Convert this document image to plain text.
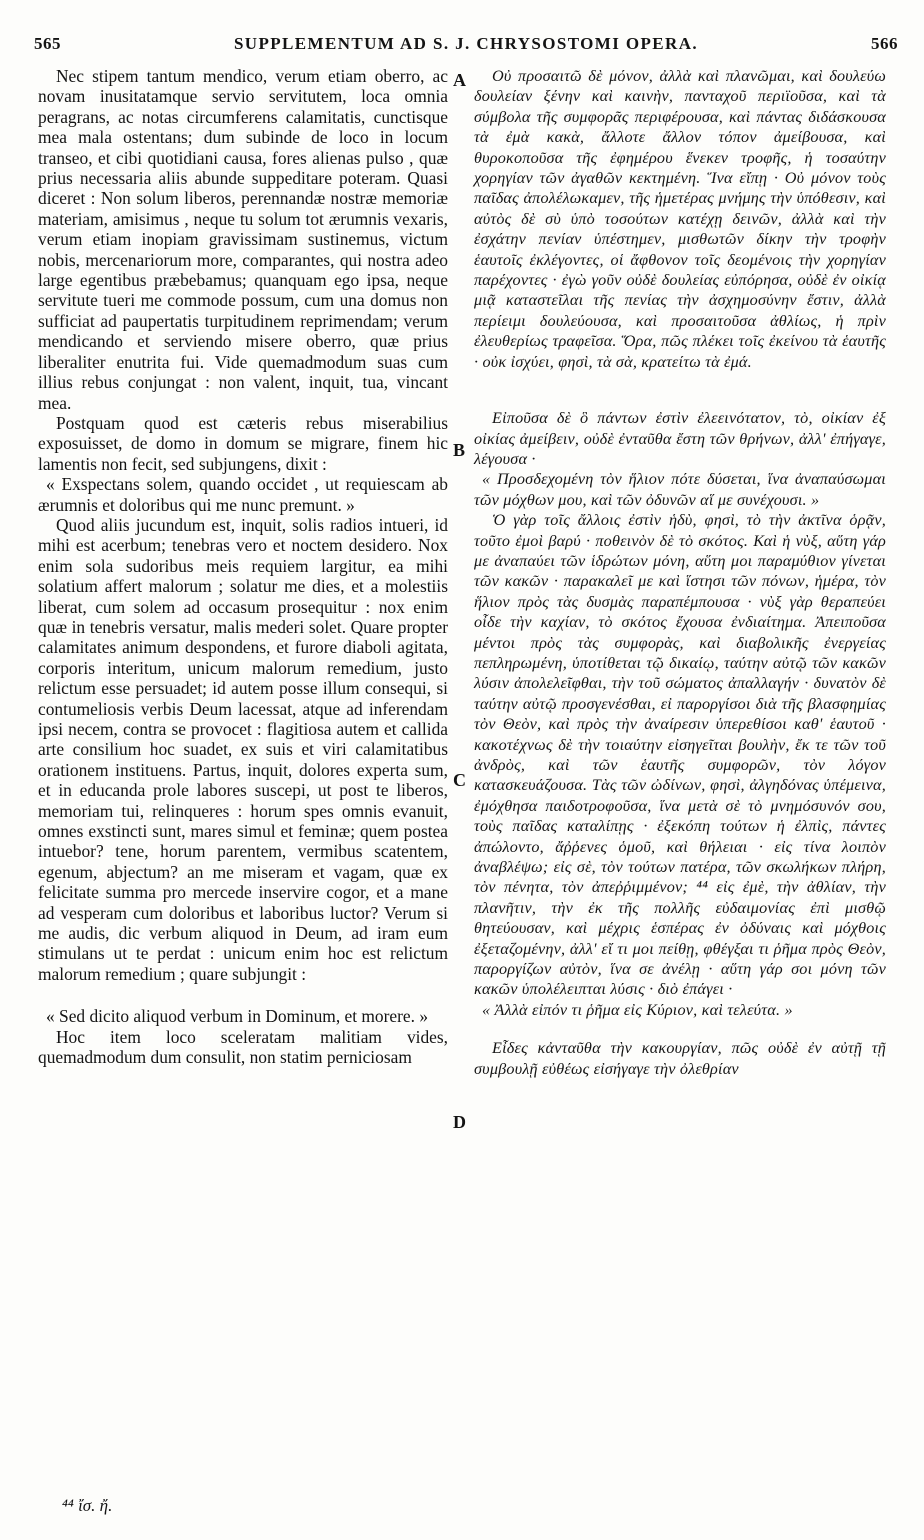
565	SUPPLEMENTUM AD S. J. CHRYSOSTOMI OPERA.	566

Nec stipem tantum mendico, verum etiam oberro, ac novam inusitatamque servio servitutem, loca omnia peragrans, ac notas circumferens calamitatis, cunctisque mea mala ostentans; dum subinde de loco in locum transeo, et cibi quotidiani causa, fores alienas pulso , quæ prius necessaria aliis abunde suppeditare poteram. Quasi diceret : Non solum liberos, perennandæ nostræ memoriæ materiam, amisimus , neque tu solum tot ærumnis vexaris, verum etiam inopiam gravissimam sustinemus, victum nobis, mercenariorum more, comparantes, qui nostra adeo large egentibus præbebamus; quanquam ego ipsa, neque servitute tueri me commode possum, cum una domus non sufficiat ad paupertatis turpitudinem reprimendam; verum mendicando et serviendo misere oberro, quæ prius liberaliter enutrita fui. Vide quemadmodum suas cum illius rebus conjungat : non valent, inquit, tua, vincant mea.

Postquam quod est cæteris rebus miserabilius exposuisset, de domo in domum se migrare, finem hic lamentis non fecit, sed subjungens, dixit :

« Exspectans solem, quando occidet , ut requiescam ab ærumnis et doloribus qui me nunc premunt. »

Quod aliis jucundum est, inquit, solis radios intueri, id mihi est acerbum; tenebras vero et noctem desidero. Nox enim sola sudoribus meis requiem largitur, ea mihi solatium affert malorum ; solatur me dies, et a molestiis liberat, cum solem ad occasum prosequitur : nox enim quæ in tenebris versatur, malis mederi solet. Quare propter calamitates animum despondens, et furore diaboli agitata, corporis interitum, unicum malorum remedium, justo relictum esse persuadet; id autem posse illum consequi, si contumeliosis verbis Deum lacessat, atque ad inferendam ipsi necem, contra se provocet : flagitiosa autem et callida arte consilium hoc suadet, ex suis et viri calamitatibus orationem instituens. Partus, inquit, dolores experta sum, et in educanda prole labores suscepi, ut post te liberos, memoriam tui, relinqueres : horum spes omnis evanuit, omnes exstincti sunt, mares simul et feminæ; quem postea intuebor? tene, horum parentem, vermibus scatentem, egenum, abjectum? an me miseram et vagam, quæ ex felicitate summa pro mercede inservire cogor, et a mane ad vesperam cum doloribus et laboribus luctor? Verum si me audis, dic verbum aliquod in Deum, ad iram eum stimulans ut te perdat : unicum enim hoc est relictum malorum remedium ; quare subjungit :

« Sed dicito aliquod verbum in Dominum, et morere. »

Hoc item loco sceleratam malitiam vides, quemadmodum dum consulit, non statim perniciosam

Οὐ προσαιτῶ δὲ μόνον, ἀλλὰ καὶ πλανῶμαι, καὶ δουλεύω δουλείαν ξένην καὶ καινὴν, πανταχοῦ περιϊοῦσα, καὶ τὰ σύμβολα τῆς συμφορᾶς περιφέρουσα, καὶ πάντας διδάσκουσα τὰ ἐμὰ κακὰ, ἄλλοτε ἄλλον τόπον ἀμείβουσα, καὶ θυροκοποῦσα τῆς ἐφημέρου ἕνεκεν τροφῆς, ἡ τοσαύτην χορηγίαν τῶν ἀγαθῶν κεκτημένη. Ἵνα εἴπῃ · Οὐ μόνον τοὺς παῖδας ἀπολέλωκαμεν, τῆς ἡμετέρας μνήμης τὴν ὑπόθεσιν, καὶ αὐτὸς δὲ σὺ ὑπὸ τοσούτων κατέχῃ δεινῶν, ἀλλὰ καὶ τὴν ἐσχάτην πενίαν ὑπέστημεν, μισθωτῶν δίκην τὴν τροφὴν ἑαυτοῖς ἐκλέγοντες, οἱ ἄφθονον τοῖς δεομένοις τὴν χορηγίαν παρέχοντες · ἐγὼ γοῦν οὐδὲ δουλείας εὐπόρησα, οὐδὲ ἐν οἰκίᾳ μιᾷ καταστεῖλαι τῆς πενίας τὴν ἀσχημοσύνην ἔστιν, ἀλλὰ περίειμι δουλεύουσα, καὶ προσαιτοῦσα ἀθλίως, ἡ πρὶν ἐλευθερίως τραφεῖσα. Ὅρα, πῶς πλέκει τοῖς ἐκείνου τὰ ἑαυτῆς · οὐκ ἰσχύει, φησὶ, τὰ σὰ, κρατείτω τὰ ἐμά.

Εἰποῦσα δὲ ὃ πάντων ἐστὶν ἐλεεινότατον, τὸ, οἰκίαν ἐξ οἰκίας ἀμείβειν, οὐδὲ ἐνταῦθα ἔστη τῶν θρήνων, ἀλλ' ἐπήγαγε, λέγουσα ·

« Προσδεχομένη τὸν ἥλιον πότε δύσεται, ἵνα ἀναπαύσωμαι τῶν μόχθων μου, καὶ τῶν ὀδυνῶν αἵ με συνέχουσι. »

Ὁ γὰρ τοῖς ἄλλοις ἐστὶν ἡδὺ, φησὶ, τὸ τὴν ἀκτῖνα ὁρᾷν, τοῦτο ἐμοὶ βαρύ · ποθεινὸν δὲ τὸ σκότος. Καὶ ἡ νὺξ, αὕτη γάρ με ἀναπαύει τῶν ἱδρώτων μόνη, αὕτη μοι παραμύθιον γίνεται τῶν κακῶν · παρακαλεῖ με καὶ ἵστησι τῶν πόνων, ἡμέρα, τὸν ἥλιον πρὸς τὰς δυσμὰς παραπέμπουσα · νὺξ γὰρ θεραπεύει οἶδε τὴν καχίαν, τὸ σκότος ἔχουσα ἐνδιαίτημα. Ἀπειποῦσα μέντοι πρὸς τὰς συμφορὰς, καὶ διαβολικῆς ἐνεργείας πεπληρωμένη, ὑποτίθεται τῷ δικαίῳ, ταύτην αὐτῷ τῶν κακῶν λύσιν ἀπολελεῖφθαι, τὴν τοῦ σώματος ἀπαλλαγήν · δυνατὸν δὲ ταύτην αὐτῷ προσγενέσθαι, εἰ παροργίσοι διὰ τῆς βλασφημίας τὸν Θεὸν, καὶ πρὸς τὴν ἀναίρεσιν ὑπερεθίσοι καθ' ἑαυτοῦ · κακοτέχνως δὲ τὴν τοιαύτην εἰσηγεῖται βουλὴν, ἔκ τε τῶν τοῦ ἀνδρὸς, καὶ τῶν ἑαυτῆς συμφορῶν, τὸν λόγον κατασκευάζουσα. Τὰς τῶν ὠδίνων, φησὶ, ἀλγηδόνας ὑπέμεινα, ἐμόχθησα παιδοτροφοῦσα, ἵνα μετὰ σὲ τὸ μνημόσυνόν σου, τοὺς παῖδας καταλίπῃς · ἐξεκόπη τούτων ἡ ἐλπὶς, πάντες ἀπώλοντο, ἄῤῥενες ὁμοῦ, καὶ θήλειαι · εἰς τίνα λοιπὸν ἀναβλέψω; εἰς σὲ, τὸν τούτων πατέρα, τῶν σκωλήκων πλήρη, τὸν πένητα, τὸν ἀπεῤῥιμμένον; ⁴⁴ εἰς ἐμὲ, τὴν ἀθλίαν, τὴν πλανῆτιν, τὴν ἐκ τῆς πολλῆς εὐδαιμονίας ἐπὶ μισθῷ θητεύουσαν, καὶ μέχρις ἑσπέρας ἐν ὀδύναις καὶ μόχθοις ἐξεταζομένην, ἀλλ' εἴ τι μοι πείθῃ, φθέγξαι τι ῥῆμα πρὸς Θεὸν, παροργίζων αὐτὸν, ἵνα σε ἀνέλῃ · αὕτη γάρ σοι μόνη τῶν κακῶν ὑπολέλειπται λύσις · διὸ ἐπάγει ·

« Ἀλλὰ εἰπόν τι ῥῆμα εἰς Κύριον, καὶ τελεύτα. »

Εἶδες κἀνταῦθα τὴν κακουργίαν, πῶς οὐδὲ ἐν αὐτῇ τῇ συμβουλῇ εὐθέως εἰσήγαγε τὴν ὀλεθρίαν

A
B
C
D
⁴⁴ ἴσ. ἤ.
